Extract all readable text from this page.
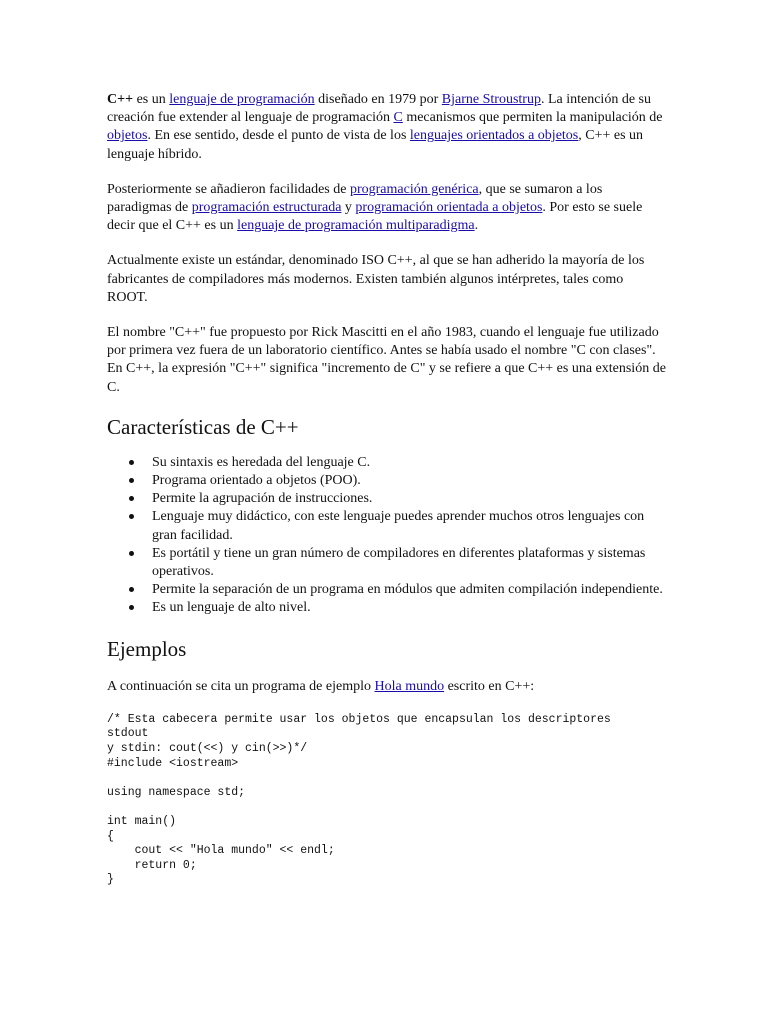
C++ es un lenguaje de programación diseñado en 1979 por Bjarne Stroustrup. La intención de su creación fue extender al lenguaje de programación C mecanismos que permiten la manipulación de objetos. En ese sentido, desde el punto de vista de los lenguajes orientados a objetos, C++ es un lenguaje híbrido.

Posteriormente se añadieron facilidades de programación genérica, que se sumaron a los paradigmas de programación estructurada y programación orientada a objetos. Por esto se suele decir que el C++ es un lenguaje de programación multiparadigma.

Actualmente existe un estándar, denominado ISO C++, al que se han adherido la mayoría de los fabricantes de compiladores más modernos. Existen también algunos intérpretes, tales como ROOT.

El nombre "C++" fue propuesto por Rick Mascitti en el año 1983, cuando el lenguaje fue utilizado por primera vez fuera de un laboratorio científico. Antes se había usado el nombre "C con clases". En C++, la expresión "C++" significa "incremento de C" y se refiere a que C++ es una extensión de C.

Características de C++
Su sintaxis es heredada del lenguaje C.
Programa orientado a objetos (POO).
Permite la agrupación de instrucciones.
Lenguaje muy didáctico, con este lenguaje puedes aprender muchos otros lenguajes con gran facilidad.
Es portátil y tiene un gran número de compiladores en diferentes plataformas y sistemas operativos.
Permite la separación de un programa en módulos que admiten compilación independiente.
Es un lenguaje de alto nivel.
Ejemplos

A continuación se cita un programa de ejemplo Hola mundo escrito en C++:

/* Esta cabecera permite usar los objetos que encapsulan los descriptores
stdout
y stdin: cout(<<) y cin(>>)*/
#include <iostream>

using namespace std;

int main()
{
cout << "Hola mundo" << endl;
return 0;
}
